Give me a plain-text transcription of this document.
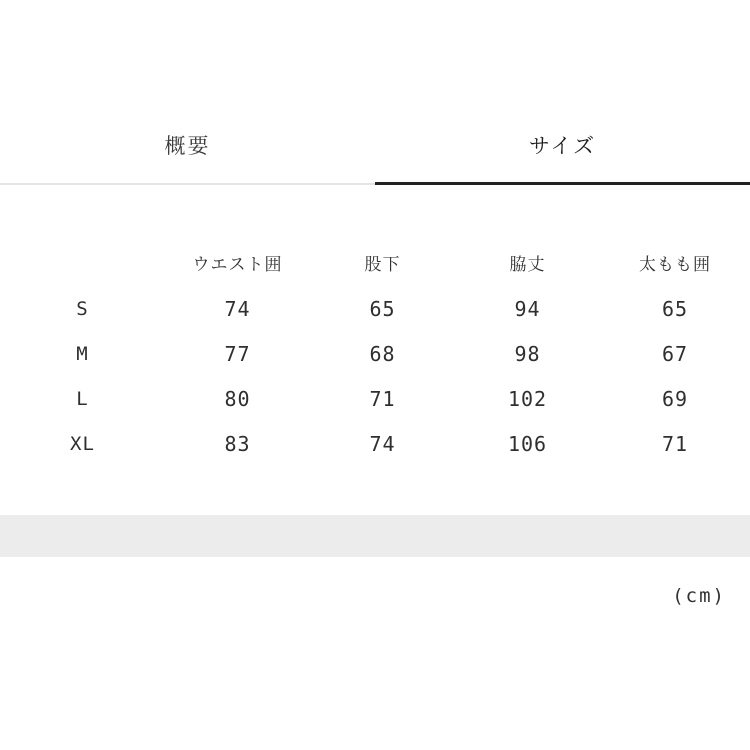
概要	サイズ
	ウエスト囲	股下	脇丈	太もも囲
S	74	65	94	65
M	77	68	98	67
L	80	71	102	69
XL	83	74	106	71
(cm)
